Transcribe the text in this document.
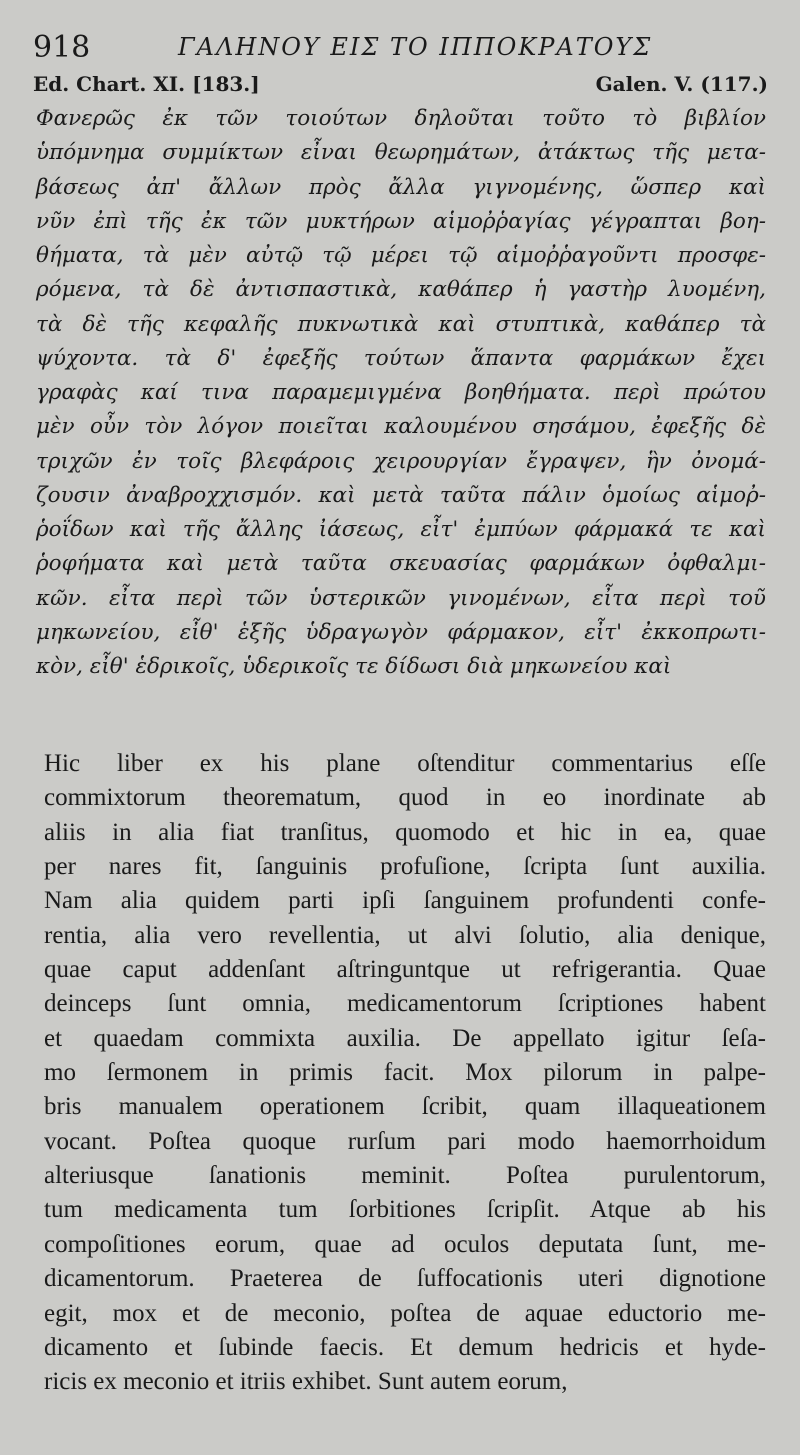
918	ΓΑΛΗΝΟΥ ΕΙΣ ΤΟ ΙΠΠΟΚΡΑΤΟΥΣ
Ed. Chart. XI. [183.]	Galen. V. (117.)
Φανερῶς ἐκ τῶν τοιούτων δηλοῦται τοῦτο τὸ βιβλίον
ὑπόμνημα συμμίκτων εἶναι θεωρημάτων, ἀτάκτως τῆς μετα-
βάσεως ἀπ' ἄλλων πρὸς ἄλλα γιγνομένης, ὥσπερ καὶ
νῦν ἐπὶ τῆς ἐκ τῶν μυκτήρων αἱμοῤῥαγίας γέγραπται βοη-
θήματα, τὰ μὲν αὐτῷ τῷ μέρει τῷ αἱμοῤῥαγοῦντι προσφε-
ρόμενα, τὰ δὲ ἀντισπαστικὰ, καθάπερ ἡ γαστὴρ λυομένη,
τὰ δὲ τῆς κεφαλῆς πυκνωτικὰ καὶ στυπτικὰ, καθάπερ τὰ
ψύχοντα. τὰ δ' ἐφεξῆς τούτων ἅπαντα φαρμάκων ἔχει
γραφὰς καί τινα παραμεμιγμένα βοηθήματα. περὶ πρώτου
μὲν οὖν τὸν λόγον ποιεῖται καλουμένου σησάμου, ἐφεξῆς δὲ
τριχῶν ἐν τοῖς βλεφάροις χειρουργίαν ἔγραψεν, ἣν ὀνομά-
ζουσιν ἀναβροχχισμόν. καὶ μετὰ ταῦτα πάλιν ὁμοίως αἱμοῤ-
ῥοΐδων καὶ τῆς ἄλλης ἰάσεως, εἶτ' ἐμπύων φάρμακά τε καὶ
ῥοφήματα καὶ μετὰ ταῦτα σκευασίας φαρμάκων ὀφθαλμι-
κῶν. εἶτα περὶ τῶν ὑστερικῶν γινομένων, εἶτα περὶ τοῦ
μηκωνείου, εἶθ' ἑξῆς ὑδραγωγὸν φάρμακον, εἶτ' ἐκκοπρωτι-
κὸν, εἶθ' ἑδρικοῖς, ὑδερικοῖς τε δίδωσι διὰ μηκωνείου καὶ
Hic liber ex his plane oſtenditur commentarius eſſe
commixtorum theorematum, quod in eo inordinate ab
aliis in alia fiat tranſitus, quomodo et hic in ea, quae
per nares fit, ſanguinis profuſione, ſcripta ſunt auxilia.
Nam alia quidem parti ipſi ſanguinem profundenti confe-
rentia, alia vero revellentia, ut alvi ſolutio, alia denique,
quae caput addenſant aſtringuntque ut refrigerantia. Quae
deinceps ſunt omnia, medicamentorum ſcriptiones habent
et quaedam commixta auxilia. De appellato igitur ſeſa-
mo ſermonem in primis facit. Mox pilorum in palpe-
bris manualem operationem ſcribit, quam illaqueationem
vocant. Poſtea quoque rurſum pari modo haemorrhoidum
alteriusque ſanationis meminit. Poſtea purulentorum,
tum medicamenta tum ſorbitiones ſcripſit. Atque ab his
compoſitiones eorum, quae ad oculos deputata ſunt, me-
dicamentorum. Praeterea de ſuffocationis uteri dignotione
egit, mox et de meconio, poſtea de aquae eductorio me-
dicamento et ſubinde faecis. Et demum hedricis et hyde-
ricis ex meconio et itriis exhibet. Sunt autem eorum,
